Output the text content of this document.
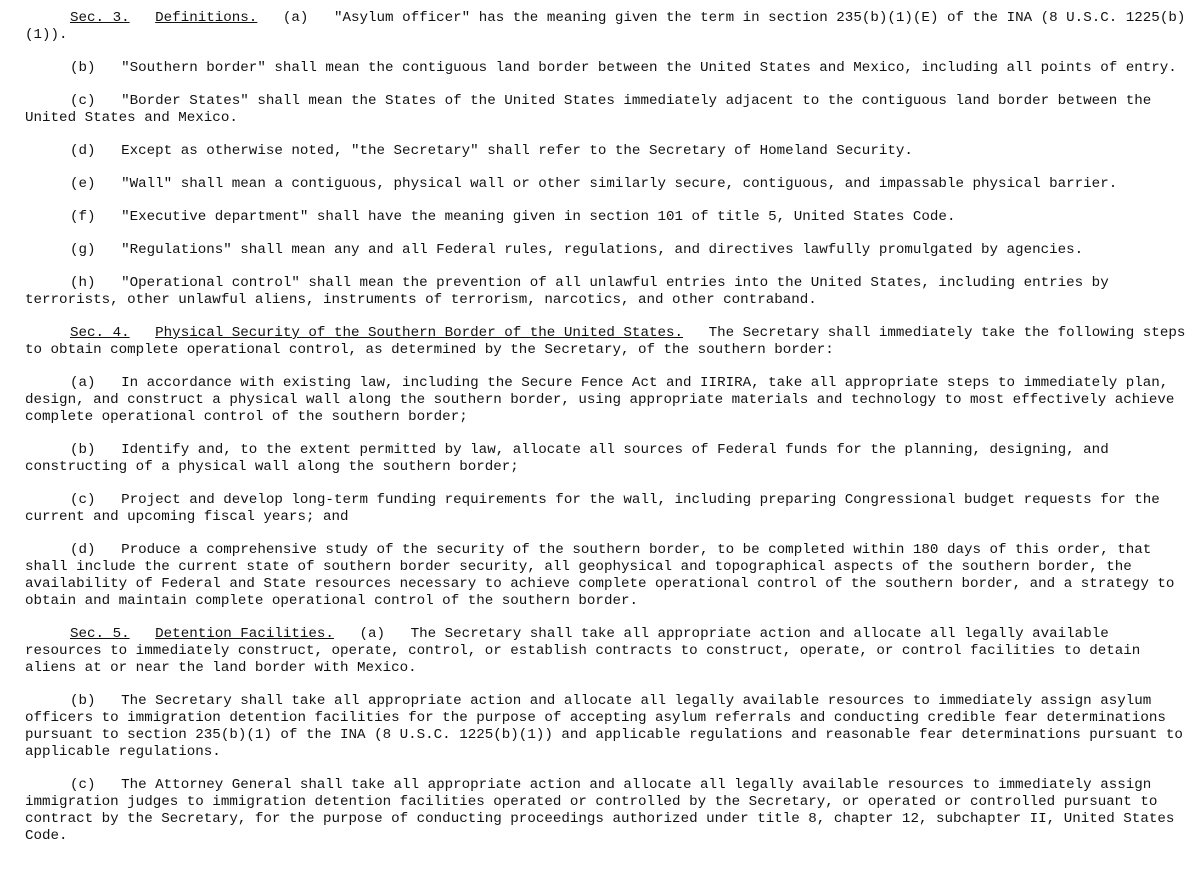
Sec. 3. Definitions. (a) "Asylum officer" has the meaning given the term in section 235(b)(1)(E) of the INA (8 U.S.C. 1225(b)(1)).

(b) "Southern border" shall mean the contiguous land border between the United States and Mexico, including all points of entry.

(c) "Border States" shall mean the States of the United States immediately adjacent to the contiguous land border between the United States and Mexico.

(d) Except as otherwise noted, "the Secretary" shall refer to the Secretary of Homeland Security.

(e) "Wall" shall mean a contiguous, physical wall or other similarly secure, contiguous, and impassable physical barrier.

(f) "Executive department" shall have the meaning given in section 101 of title 5, United States Code.

(g) "Regulations" shall mean any and all Federal rules, regulations, and directives lawfully promulgated by agencies.

(h) "Operational control" shall mean the prevention of all unlawful entries into the United States, including entries by terrorists, other unlawful aliens, instruments of terrorism, narcotics, and other contraband.

Sec. 4. Physical Security of the Southern Border of the United States. The Secretary shall immediately take the following steps to obtain complete operational control, as determined by the Secretary, of the southern border:

(a) In accordance with existing law, including the Secure Fence Act and IIRIRA, take all appropriate steps to immediately plan, design, and construct a physical wall along the southern border, using appropriate materials and technology to most effectively achieve complete operational control of the southern border;

(b) Identify and, to the extent permitted by law, allocate all sources of Federal funds for the planning, designing, and constructing of a physical wall along the southern border;

(c) Project and develop long-term funding requirements for the wall, including preparing Congressional budget requests for the current and upcoming fiscal years; and

(d) Produce a comprehensive study of the security of the southern border, to be completed within 180 days of this order, that shall include the current state of southern border security, all geophysical and topographical aspects of the southern border, the availability of Federal and State resources necessary to achieve complete operational control of the southern border, and a strategy to obtain and maintain complete operational control of the southern border.

Sec. 5. Detention Facilities. (a) The Secretary shall take all appropriate action and allocate all legally available resources to immediately construct, operate, control, or establish contracts to construct, operate, or control facilities to detain aliens at or near the land border with Mexico.

(b) The Secretary shall take all appropriate action and allocate all legally available resources to immediately assign asylum officers to immigration detention facilities for the purpose of accepting asylum referrals and conducting credible fear determinations pursuant to section 235(b)(1) of the INA (8 U.S.C. 1225(b)(1)) and applicable regulations and reasonable fear determinations pursuant to applicable regulations.

(c) The Attorney General shall take all appropriate action and allocate all legally available resources to immediately assign immigration judges to immigration detention facilities operated or controlled by the Secretary, or operated or controlled pursuant to contract by the Secretary, for the purpose of conducting proceedings authorized under title 8, chapter 12, subchapter II, United States Code.
